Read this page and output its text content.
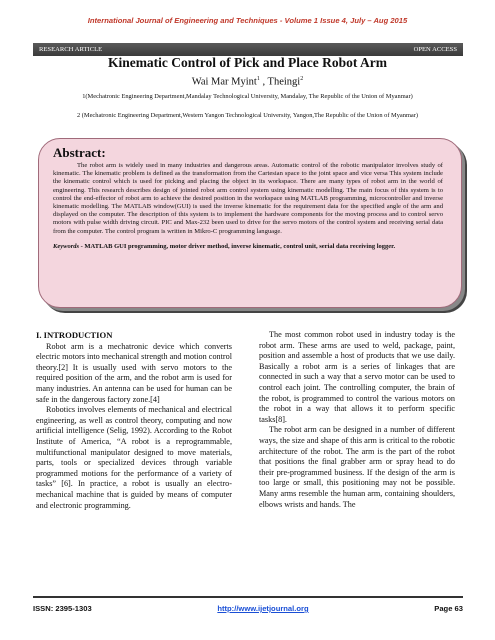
International Journal of Engineering and Techniques - Volume 1 Issue 4, July – Aug 2015
RESEARCH ARTICLE	OPEN ACCESS
Kinematic Control of Pick and Place Robot Arm
Wai Mar Myint$^1$ , Theingi$^2$
1(Mechatronic Engineering Department,Mandalay Technological University, Mandalay, The Republic of the Union of Myanmar)
2 (Mechatronic Engineering Department,Western Yangon Technological University, Yangon,The Republic of the Union of Myanmar)
Abstract:
The robot arm is widely used in many industries and dangerous areas. Automatic control of the robotic manipulator involves study of kinematic. The kinematic problem is defined as the transformation from the Cartesian space to the joint space and vice versa This system include the kinematic control which is used for picking and placing the object in its workspace. There are many types of robot arm in the world of engineering. This research describes design of jointed robot arm control system using kinematic modelling. The main focus of this system is to control the end-effector of robot arm to achieve the desired position in the workspace using MATLAB programming, microcontroller and inverse kinematic modelling. The MATLAB window(GUI) is used the inverse kinematic for the requirement data for the specified angle of the arm and displayed on the computer. The description of this system is to implement the hardware components for the moving process and to control servo motors with pulse width driving circuit. PIC and Max-232 been used to drive for the servo motors of the control system and receiving serial data from the computer. The control program is written in Mikro-C programming language.
Keywords - MATLAB GUI programming, motor driver method, inverse kinematic, control unit, serial data receiving logger.
I. INTRODUCTION

Robot arm is a mechatronic device which converts electric motors into mechanical strength and motion control theory.[2] It is usually used with servo motors to the required position of the arm, and the robot arm is used for many industries. An antenna can be used for human can be safe in the dangerous factory zone.[4]

Robotics involves elements of mechanical and electrical engineering, as well as control theory, computing and now artificial intelligence (Selig, 1992). According to the Robot Institute of America, “A robot is a reprogrammable, multifunctional manipulator designed to move materials, parts, tools or specialized devices through variable programmed motions for the performance of a variety of tasks” [6]. In practice, a robot is usually an electro-mechanical machine that is guided by means of computer and electronic programming.

The most common robot used in industry today is the robot arm. These arms are used to weld, package, paint, position and assemble a host of products that we use daily. Basically a robot arm is a series of linkages that are connected in such a way that a servo motor can be used to control each joint. The controlling computer, the brain of the robot, is programmed to control the various motors on the robot in a way that allows it to perform specific tasks[8].

The robot arm can be designed in a number of different ways, the size and shape of this arm is critical to the robotic architecture of the robot. The arm is the part of the robot that positions the final grabber arm or spray head to do their pre-programmed business. If the design of the arm is too large or small, this positioning may not be possible. Many arms resemble the human arm, containing shoulders, elbows wrists and hands. The

ISSN: 2395-1303	http://www.ijetjournal.org	Page 63
